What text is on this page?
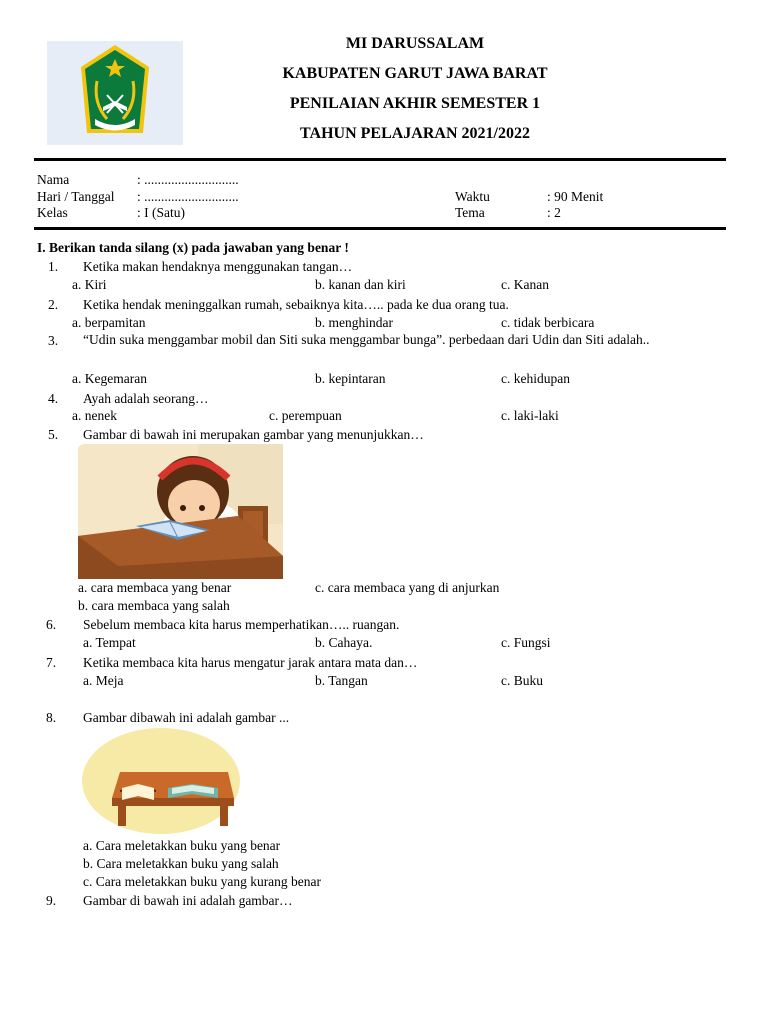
MI DARUSSALAM
KABUPATEN GARUT JAWA BARAT
PENILAIAN AKHIR SEMESTER 1
TAHUN PELAJARAN 2021/2022
Nama	: ............................
Hari / Tanggal : ............................
Kelas	: I (Satu)
Waktu	: 90 Menit
Tema	: 2
I. Berikan tanda silang (x) pada jawaban yang benar !
1. Ketika makan hendaknya menggunakan tangan…
a. Kiri	b. kanan dan kiri	c. Kanan
2. Ketika hendak meninggalkan rumah, sebaiknya kita….. pada ke dua orang tua.
a. berpamitan	b. menghindar	c. tidak berbicara
3.	“Udin suka menggambar mobil dan Siti suka menggambar bunga”. perbedaan dari Udin dan Siti adalah..
a. Kegemaran	b. kepintaran	c. kehidupan
4. Ayah adalah seorang…
a. nenek	c. perempuan	c. laki-laki
5. Gambar di bawah ini merupakan gambar yang menunjukkan…
a. cara membaca yang benar	c. cara membaca yang di anjurkan
b. cara membaca yang salah
6. Sebelum membaca kita harus memperhatikan….. ruangan.
a. Tempat	b. Cahaya.	c. Fungsi
7. Ketika membaca kita harus mengatur jarak antara mata dan…
a. Meja	b. Tangan	c. Buku
8. Gambar dibawah ini adalah gambar ...
a. Cara meletakkan buku yang benar
b. Cara meletakkan buku yang salah
c. Cara meletakkan buku yang kurang benar
9. Gambar di bawah ini adalah gambar…
